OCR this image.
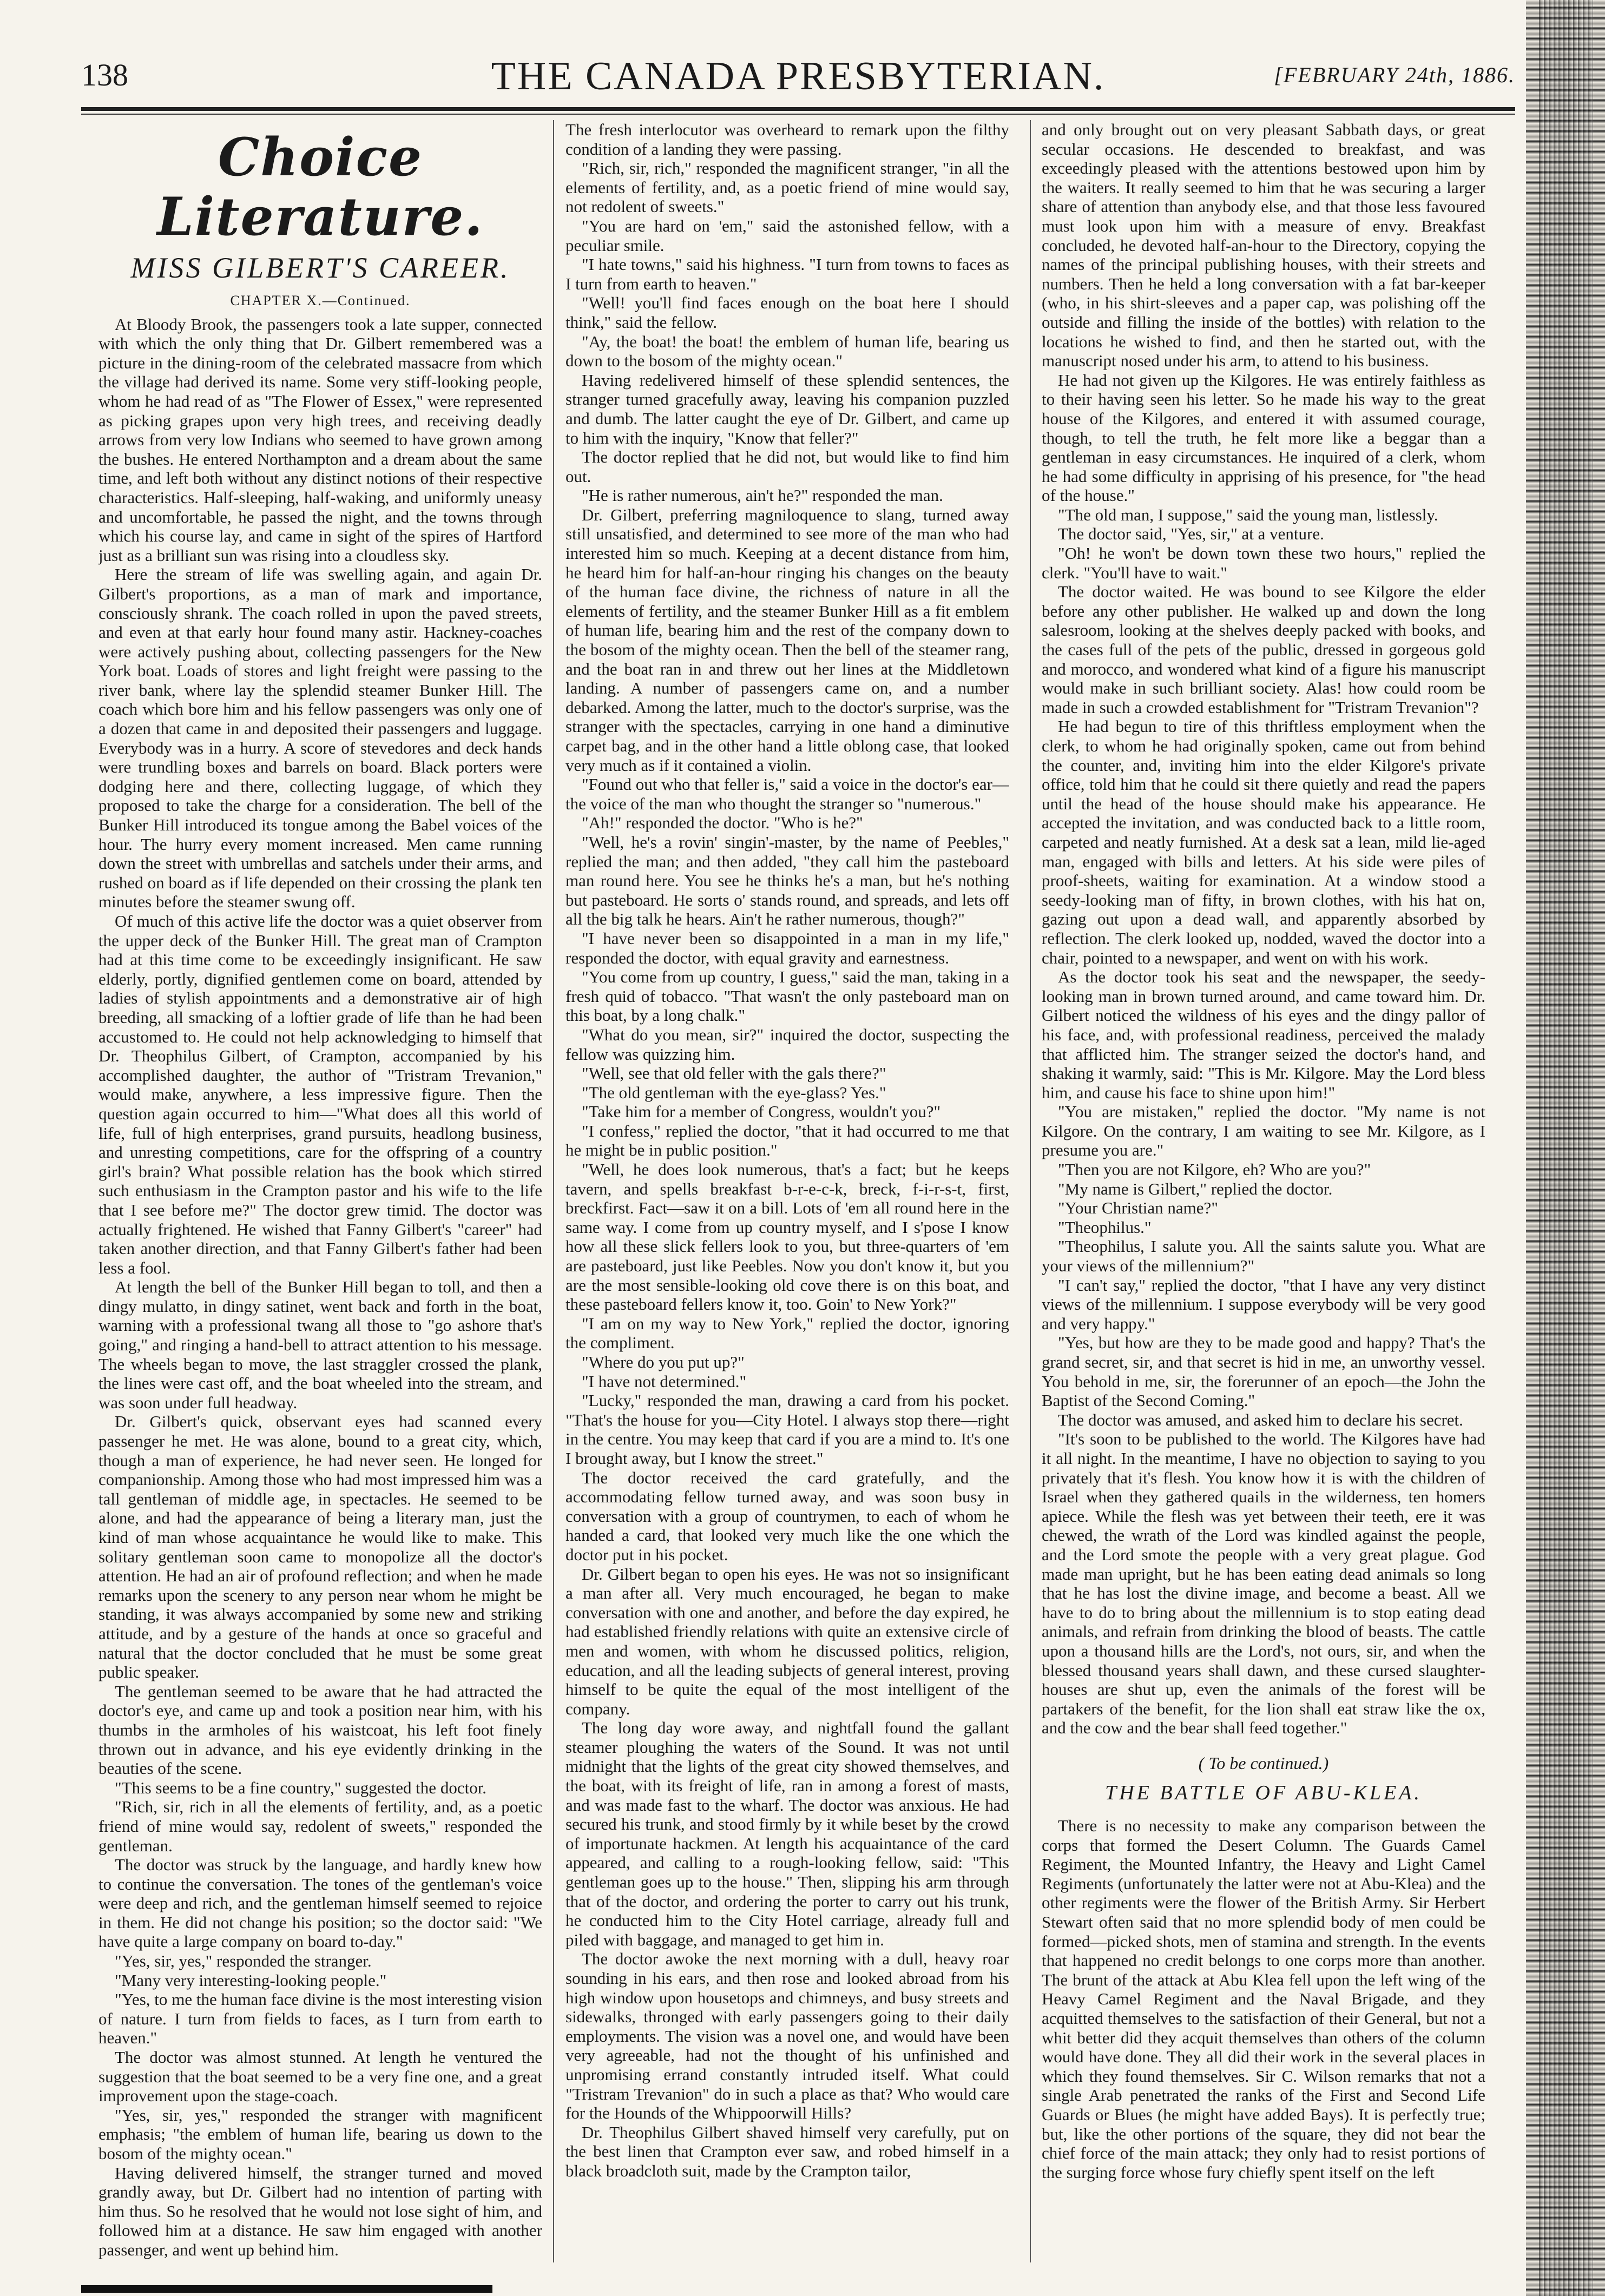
138	THE CANADA PRESBYTERIAN.	[FEBRUARY 24th, 1886.
Choice Literature.
MISS GILBERT'S CAREER.
CHAPTER X.—Continued.

At Bloody Brook, the passengers took a late supper, connected with which the only thing that Dr. Gilbert remembered was a picture in the dining-room of the celebrated massacre from which the village had derived its name. Some very stiff-looking people, whom he had read of as "The Flower of Essex," were represented as picking grapes upon very high trees, and receiving deadly arrows from very low Indians who seemed to have grown among the bushes. He entered Northampton and a dream about the same time, and left both without any distinct notions of their respective characteristics. Half-sleeping, half-waking, and uniformly uneasy and uncomfortable, he passed the night, and the towns through which his course lay, and came in sight of the spires of Hartford just as a brilliant sun was rising into a cloudless sky.

Here the stream of life was swelling again, and again Dr. Gilbert's proportions, as a man of mark and importance, consciously shrank. The coach rolled in upon the paved streets, and even at that early hour found many astir. Hackney-coaches were actively pushing about, collecting passengers for the New York boat. Loads of stores and light freight were passing to the river bank, where lay the splendid steamer Bunker Hill. The coach which bore him and his fellow passengers was only one of a dozen that came in and deposited their passengers and luggage. Everybody was in a hurry. A score of stevedores and deck hands were trundling boxes and barrels on board. Black porters were dodging here and there, collecting luggage, of which they proposed to take the charge for a consideration. The bell of the Bunker Hill introduced its tongue among the Babel voices of the hour. The hurry every moment increased. Men came running down the street with umbrellas and satchels under their arms, and rushed on board as if life depended on their crossing the plank ten minutes before the steamer swung off.

Of much of this active life the doctor was a quiet observer from the upper deck of the Bunker Hill. The great man of Crampton had at this time come to be exceedingly insignificant. He saw elderly, portly, dignified gentlemen come on board, attended by ladies of stylish appointments and a demonstrative air of high breeding, all smacking of a loftier grade of life than he had been accustomed to. He could not help acknowledging to himself that Dr. Theophilus Gilbert, of Crampton, accompanied by his accomplished daughter, the author of "Tristram Trevanion," would make, anywhere, a less impressive figure. Then the question again occurred to him—"What does all this world of life, full of high enterprises, grand pursuits, headlong business, and unresting competitions, care for the offspring of a country girl's brain? What possible relation has the book which stirred such enthusiasm in the Crampton pastor and his wife to the life that I see before me?" The doctor grew timid. The doctor was actually frightened. He wished that Fanny Gilbert's "career" had taken another direction, and that Fanny Gilbert's father had been less a fool.

At length the bell of the Bunker Hill began to toll, and then a dingy mulatto, in dingy satinet, went back and forth in the boat, warning with a professional twang all those to "go ashore that's going," and ringing a hand-bell to attract attention to his message. The wheels began to move, the last straggler crossed the plank, the lines were cast off, and the boat wheeled into the stream, and was soon under full headway.

Dr. Gilbert's quick, observant eyes had scanned every passenger he met. He was alone, bound to a great city, which, though a man of experience, he had never seen. He longed for companionship. Among those who had most impressed him was a tall gentleman of middle age, in spectacles. He seemed to be alone, and had the appearance of being a literary man, just the kind of man whose acquaintance he would like to make. This solitary gentleman soon came to monopolize all the doctor's attention. He had an air of profound reflection; and when he made remarks upon the scenery to any person near whom he might be standing, it was always accompanied by some new and striking attitude, and by a gesture of the hands at once so graceful and natural that the doctor concluded that he must be some great public speaker.

The gentleman seemed to be aware that he had attracted the doctor's eye, and came up and took a position near him, with his thumbs in the armholes of his waistcoat, his left foot finely thrown out in advance, and his eye evidently drinking in the beauties of the scene.

"This seems to be a fine country," suggested the doctor.

"Rich, sir, rich in all the elements of fertility, and, as a poetic friend of mine would say, redolent of sweets," responded the gentleman.

The doctor was struck by the language, and hardly knew how to continue the conversation. The tones of the gentleman's voice were deep and rich, and the gentleman himself seemed to rejoice in them. He did not change his position; so the doctor said: "We have quite a large company on board to-day."

"Yes, sir, yes," responded the stranger.

"Many very interesting-looking people."

"Yes, to me the human face divine is the most interesting vision of nature. I turn from fields to faces, as I turn from earth to heaven."

The doctor was almost stunned. At length he ventured the suggestion that the boat seemed to be a very fine one, and a great improvement upon the stage-coach.

"Yes, sir, yes," responded the stranger with magnificent emphasis; "the emblem of human life, bearing us down to the bosom of the mighty ocean."

Having delivered himself, the stranger turned and moved grandly away, but Dr. Gilbert had no intention of parting with him thus. So he resolved that he would not lose sight of him, and followed him at a distance. He saw him engaged with another passenger, and went up behind him.

The fresh interlocutor was overheard to remark upon the filthy condition of a landing they were passing.

"Rich, sir, rich," responded the magnificent stranger, "in all the elements of fertility, and, as a poetic friend of mine would say, not redolent of sweets."

"You are hard on 'em," said the astonished fellow, with a peculiar smile.

"I hate towns," said his highness. "I turn from towns to faces as I turn from earth to heaven."

"Well! you'll find faces enough on the boat here I should think," said the fellow.

"Ay, the boat! the boat! the emblem of human life, bearing us down to the bosom of the mighty ocean."

Having redelivered himself of these splendid sentences, the stranger turned gracefully away, leaving his companion puzzled and dumb. The latter caught the eye of Dr. Gilbert, and came up to him with the inquiry, "Know that feller?"

The doctor replied that he did not, but would like to find him out.

"He is rather numerous, ain't he?" responded the man.

Dr. Gilbert, preferring magniloquence to slang, turned away still unsatisfied, and determined to see more of the man who had interested him so much. Keeping at a decent distance from him, he heard him for half-an-hour ringing his changes on the beauty of the human face divine, the richness of nature in all the elements of fertility, and the steamer Bunker Hill as a fit emblem of human life, bearing him and the rest of the company down to the bosom of the mighty ocean. Then the bell of the steamer rang, and the boat ran in and threw out her lines at the Middletown landing. A number of passengers came on, and a number debarked. Among the latter, much to the doctor's surprise, was the stranger with the spectacles, carrying in one hand a diminutive carpet bag, and in the other hand a little oblong case, that looked very much as if it contained a violin.

"Found out who that feller is," said a voice in the doctor's ear—the voice of the man who thought the stranger so "numerous."

"Ah!" responded the doctor. "Who is he?"

"Well, he's a rovin' singin'-master, by the name of Peebles," replied the man; and then added, "they call him the pasteboard man round here. You see he thinks he's a man, but he's nothing but pasteboard. He sorts o' stands round, and spreads, and lets off all the big talk he hears. Ain't he rather numerous, though?"

"I have never been so disappointed in a man in my life," responded the doctor, with equal gravity and earnestness.

"You come from up country, I guess," said the man, taking in a fresh quid of tobacco. "That wasn't the only pasteboard man on this boat, by a long chalk."

"What do you mean, sir?" inquired the doctor, suspecting the fellow was quizzing him.

"Well, see that old feller with the gals there?"

"The old gentleman with the eye-glass? Yes."

"Take him for a member of Congress, wouldn't you?"

"I confess," replied the doctor, "that it had occurred to me that he might be in public position."

"Well, he does look numerous, that's a fact; but he keeps tavern, and spells breakfast b-r-e-c-k, breck, f-i-r-s-t, first, breckfirst. Fact—saw it on a bill. Lots of 'em all round here in the same way. I come from up country myself, and I s'pose I know how all these slick fellers look to you, but three-quarters of 'em are pasteboard, just like Peebles. Now you don't know it, but you are the most sensible-looking old cove there is on this boat, and these pasteboard fellers know it, too. Goin' to New York?"

"I am on my way to New York," replied the doctor, ignoring the compliment.

"Where do you put up?"

"I have not determined."

"Lucky," responded the man, drawing a card from his pocket. "That's the house for you—City Hotel. I always stop there—right in the centre. You may keep that card if you are a mind to. It's one I brought away, but I know the street."

The doctor received the card gratefully, and the accommodating fellow turned away, and was soon busy in conversation with a group of countrymen, to each of whom he handed a card, that looked very much like the one which the doctor put in his pocket.

Dr. Gilbert began to open his eyes. He was not so insignificant a man after all. Very much encouraged, he began to make conversation with one and another, and before the day expired, he had established friendly relations with quite an extensive circle of men and women, with whom he discussed politics, religion, education, and all the leading subjects of general interest, proving himself to be quite the equal of the most intelligent of the company.

The long day wore away, and nightfall found the gallant steamer ploughing the waters of the Sound. It was not until midnight that the lights of the great city showed themselves, and the boat, with its freight of life, ran in among a forest of masts, and was made fast to the wharf. The doctor was anxious. He had secured his trunk, and stood firmly by it while beset by the crowd of importunate hackmen. At length his acquaintance of the card appeared, and calling to a rough-looking fellow, said: "This gentleman goes up to the house." Then, slipping his arm through that of the doctor, and ordering the porter to carry out his trunk, he conducted him to the City Hotel carriage, already full and piled with baggage, and managed to get him in.

The doctor awoke the next morning with a dull, heavy roar sounding in his ears, and then rose and looked abroad from his high window upon housetops and chimneys, and busy streets and sidewalks, thronged with early passengers going to their daily employments. The vision was a novel one, and would have been very agreeable, had not the thought of his unfinished and unpromising errand constantly intruded itself. What could "Tristram Trevanion" do in such a place as that? Who would care for the Hounds of the Whippoorwill Hills?

Dr. Theophilus Gilbert shaved himself very carefully, put on the best linen that Crampton ever saw, and robed himself in a black broadcloth suit, made by the Crampton tailor,

and only brought out on very pleasant Sabbath days, or great secular occasions. He descended to breakfast, and was exceedingly pleased with the attentions bestowed upon him by the waiters. It really seemed to him that he was securing a larger share of attention than anybody else, and that those less favoured must look upon him with a measure of envy. Breakfast concluded, he devoted half-an-hour to the Directory, copying the names of the principal publishing houses, with their streets and numbers. Then he held a long conversation with a fat bar-keeper (who, in his shirt-sleeves and a paper cap, was polishing off the outside and filling the inside of the bottles) with relation to the locations he wished to find, and then he started out, with the manuscript nosed under his arm, to attend to his business.

He had not given up the Kilgores. He was entirely faithless as to their having seen his letter. So he made his way to the great house of the Kilgores, and entered it with assumed courage, though, to tell the truth, he felt more like a beggar than a gentleman in easy circumstances. He inquired of a clerk, whom he had some difficulty in apprising of his presence, for "the head of the house."

"The old man, I suppose," said the young man, listlessly.

The doctor said, "Yes, sir," at a venture.

"Oh! he won't be down town these two hours," replied the clerk. "You'll have to wait."

The doctor waited. He was bound to see Kilgore the elder before any other publisher. He walked up and down the long salesroom, looking at the shelves deeply packed with books, and the cases full of the pets of the public, dressed in gorgeous gold and morocco, and wondered what kind of a figure his manuscript would make in such brilliant society. Alas! how could room be made in such a crowded establishment for "Tristram Trevanion"?

He had begun to tire of this thriftless employment when the clerk, to whom he had originally spoken, came out from behind the counter, and, inviting him into the elder Kilgore's private office, told him that he could sit there quietly and read the papers until the head of the house should make his appearance. He accepted the invitation, and was conducted back to a little room, carpeted and neatly furnished. At a desk sat a lean, mild lie-aged man, engaged with bills and letters. At his side were piles of proof-sheets, waiting for examination. At a window stood a seedy-looking man of fifty, in brown clothes, with his hat on, gazing out upon a dead wall, and apparently absorbed by reflection. The clerk looked up, nodded, waved the doctor into a chair, pointed to a newspaper, and went on with his work.

As the doctor took his seat and the newspaper, the seedy-looking man in brown turned around, and came toward him. Dr. Gilbert noticed the wildness of his eyes and the dingy pallor of his face, and, with professional readiness, perceived the malady that afflicted him. The stranger seized the doctor's hand, and shaking it warmly, said: "This is Mr. Kilgore. May the Lord bless him, and cause his face to shine upon him!"

"You are mistaken," replied the doctor. "My name is not Kilgore. On the contrary, I am waiting to see Mr. Kilgore, as I presume you are."

"Then you are not Kilgore, eh? Who are you?"

"My name is Gilbert," replied the doctor.

"Your Christian name?"

"Theophilus."

"Theophilus, I salute you. All the saints salute you. What are your views of the millennium?"

"I can't say," replied the doctor, "that I have any very distinct views of the millennium. I suppose everybody will be very good and very happy."

"Yes, but how are they to be made good and happy? That's the grand secret, sir, and that secret is hid in me, an unworthy vessel. You behold in me, sir, the forerunner of an epoch—the John the Baptist of the Second Coming."

The doctor was amused, and asked him to declare his secret.

"It's soon to be published to the world. The Kilgores have had it all night. In the meantime, I have no objection to saying to you privately that it's flesh. You know how it is with the children of Israel when they gathered quails in the wilderness, ten homers apiece. While the flesh was yet between their teeth, ere it was chewed, the wrath of the Lord was kindled against the people, and the Lord smote the people with a very great plague. God made man upright, but he has been eating dead animals so long that he has lost the divine image, and become a beast. All we have to do to bring about the millennium is to stop eating dead animals, and refrain from drinking the blood of beasts. The cattle upon a thousand hills are the Lord's, not ours, sir, and when the blessed thousand years shall dawn, and these cursed slaughter-houses are shut up, even the animals of the forest will be partakers of the benefit, for the lion shall eat straw like the ox, and the cow and the bear shall feed together."

( To be continued.)
THE BATTLE OF ABU-KLEA.

There is no necessity to make any comparison between the corps that formed the Desert Column. The Guards Camel Regiment, the Mounted Infantry, the Heavy and Light Camel Regiments (unfortunately the latter were not at Abu-Klea) and the other regiments were the flower of the British Army. Sir Herbert Stewart often said that no more splendid body of men could be formed—picked shots, men of stamina and strength. In the events that happened no credit belongs to one corps more than another. The brunt of the attack at Abu Klea fell upon the left wing of the Heavy Camel Regiment and the Naval Brigade, and they acquitted themselves to the satisfaction of their General, but not a whit better did they acquit themselves than others of the column would have done. They all did their work in the several places in which they found themselves. Sir C. Wilson remarks that not a single Arab penetrated the ranks of the First and Second Life Guards or Blues (he might have added Bays). It is perfectly true; but, like the other portions of the square, they did not bear the chief force of the main attack; they only had to resist portions of the surging force whose fury chiefly spent itself on the left
